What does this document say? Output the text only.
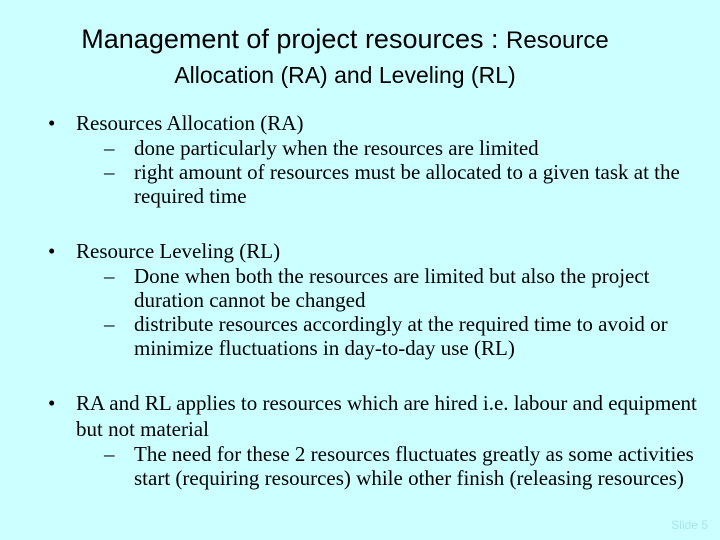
Management of project resources : Resource
Allocation (RA) and Leveling (RL)
• Resources Allocation (RA)
– done particularly when the resources are limited
– right amount of resources must be allocated to a given task at the required time
• Resource Leveling (RL)
– Done when both the resources are limited but also the project duration cannot be changed
– distribute resources accordingly at the required time to avoid or minimize fluctuations in day-to-day use (RL)
• RA and RL applies to resources which are hired i.e. labour and equipment but not material
– The need for these 2 resources fluctuates greatly as some activities start (requiring resources) while other finish (releasing resources)
Slide 5
